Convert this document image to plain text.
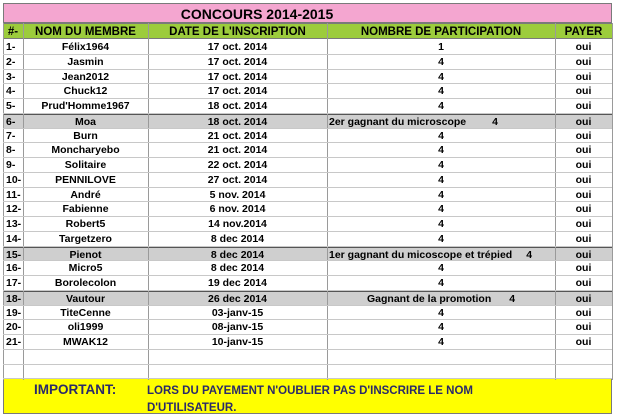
CONCOURS 2014-2015
#-	NOM DU MEMBRE	DATE DE L'INSCRIPTION	NOMBRE DE PARTICIPATION	PAYER
1-	Félix1964	17 oct. 2014	1	oui
2-	Jasmin	17 oct. 2014	4	oui
3-	Jean2012	17 oct. 2014	4	oui
4-	Chuck12	17 oct. 2014	4	oui
5-	Prud'Homme1967	18 oct. 2014	4	oui
6-	Moa	18 oct. 2014	2er gagnant du microscope 4	oui
7-	Burn	21 oct. 2014	4	oui
8-	Moncharyebo	21 oct. 2014	4	oui
9-	Solitaire	22 oct. 2014	4	oui
10-	PENNILOVE	27 oct. 2014	4	oui
11-	André	5 nov. 2014	4	oui
12-	Fabienne	6 nov. 2014	4	oui
13-	Robert5	14 nov.2014	4	oui
14-	Targetzero	8 dec 2014	4	oui
15-	Pienot	8 dec 2014	1er gagnant du micoscope et trépied 4	oui
16-	Micro5	8 dec 2014	4	oui
17-	Borolecolon	19 dec 2014	4	oui
18-	Vautour	26 dec 2014	Gagnant de la promotion 4	oui
19-	TiteCenne	03-janv-15	4	oui
20-	oli1999	08-janv-15	4	oui
21-	MWAK12	10-janv-15	4	oui
IMPORTANT:	LORS DU PAYEMENT N'OUBLIER PAS D'INSCRIRE LE NOM D'UTILISATEUR.
